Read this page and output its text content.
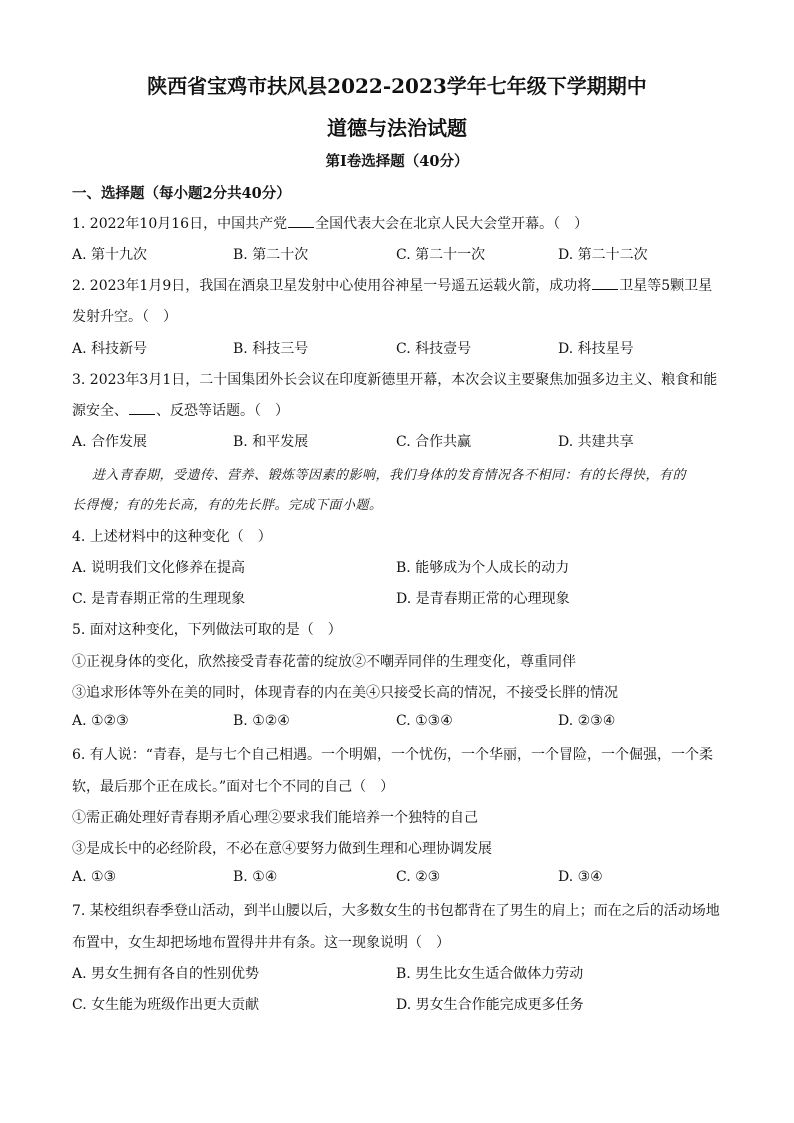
陕西省宝鸡市扶风县2022-2023学年七年级下学期期中
道德与法治试题
第Ⅰ卷选择题（40分）
一、选择题（每小题2分共40分）
1. 2022年10月16日，中国共产党 全国代表大会在北京人民大会堂开幕。（　）
A. 第十九次	B. 第二十次	C. 第二十一次	D. 第二十二次
2. 2023年1月9日，我国在酒泉卫星发射中心使用谷神星一号遥五运载火箭，成功将 卫星等5颗卫星
发射升空。（　）
A. 科技新号	B. 科技三号	C. 科技壹号	D. 科技星号
3. 2023年3月1日，二十国集团外长会议在印度新德里开幕，本次会议主要聚焦加强多边主义、粮食和能
源安全、 、反恐等话题。（　）
A. 合作发展	B. 和平发展	C. 合作共赢	D. 共建共享
进入青春期，受遗传、营养、锻炼等因素的影响，我们身体的发育情况各不相同：有的长得快，有的
长得慢；有的先长高，有的先长胖。完成下面小题。
4. 上述材料中的这种变化（　）
A. 说明我们文化修养在提高	B. 能够成为个人成长的动力
C. 是青春期正常的生理现象	D. 是青春期正常的心理现象
5. 面对这种变化，下列做法可取的是（　）
①正视身体的变化，欣然接受青春花蕾的绽放②不嘲弄同伴的生理变化，尊重同伴
③追求形体等外在美的同时，体现青春的内在美④只接受长高的情况，不接受长胖的情况
A. ①②③	B. ①②④	C. ①③④	D. ②③④
6. 有人说：“青春，是与七个自己相遇。一个明媚，一个忧伤，一个华丽，一个冒险，一个倔强，一个柔
软，最后那个正在成长。”面对七个不同的自己（　）
①需正确处理好青春期矛盾心理②要求我们能培养一个独特的自己
③是成长中的必经阶段，不必在意④要努力做到生理和心理协调发展
A. ①③	B. ①④	C. ②③	D. ③④
7. 某校组织春季登山活动，到半山腰以后，大多数女生的书包都背在了男生的肩上；而在之后的活动场地
布置中，女生却把场地布置得井井有条。这一现象说明（　）
A. 男女生拥有各自的性别优势	B. 男生比女生适合做体力劳动
C. 女生能为班级作出更大贡献	D. 男女生合作能完成更多任务
